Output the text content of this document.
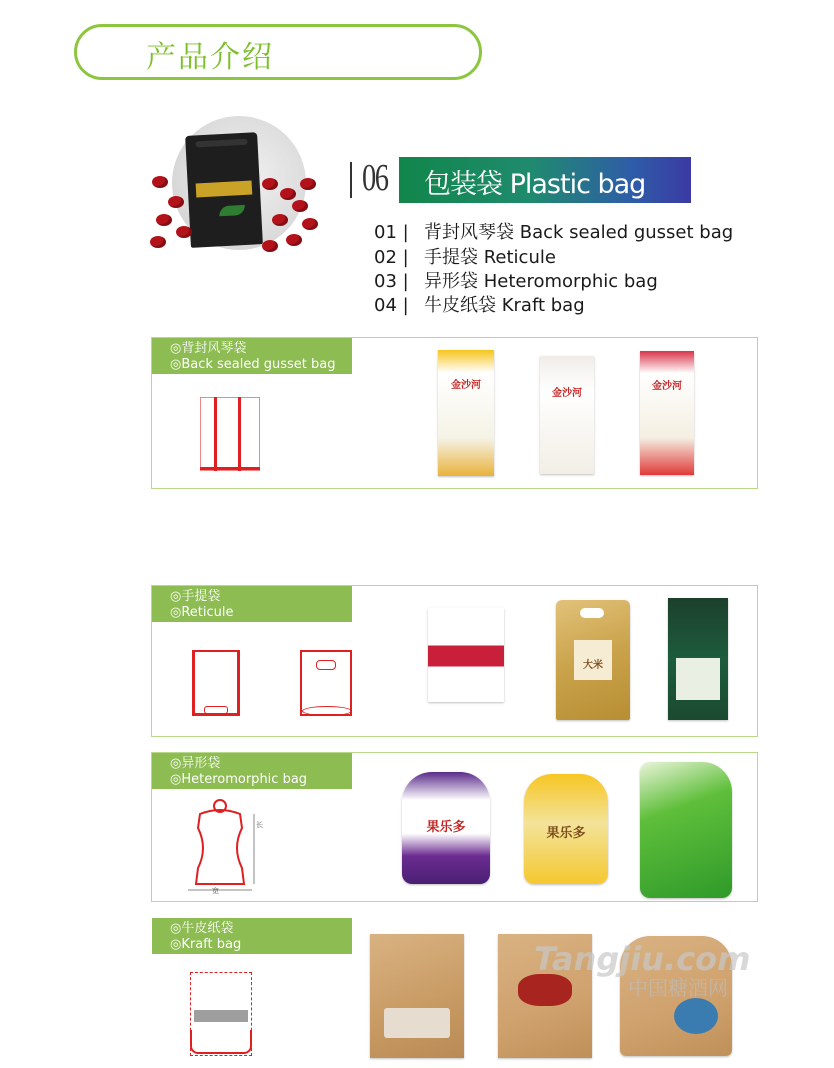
产品介绍
06 包装袋 Plastic bag
01 | 背封风琴袋 Back sealed gusset bag
02 | 手提袋 Reticule
03 | 异形袋 Heteromorphic bag
04 | 牛皮纸袋 Kraft bag
◎背封风琴袋
◎Back sealed gusset bag
金沙河
金沙河
金沙河
◎手提袋
◎Reticule
大米
◎异形袋
◎Heteromorphic bag
长
宽
果乐多	果乐多
◎牛皮纸袋
◎Kraft bag	Tangjiu.com
中国糖酒网
